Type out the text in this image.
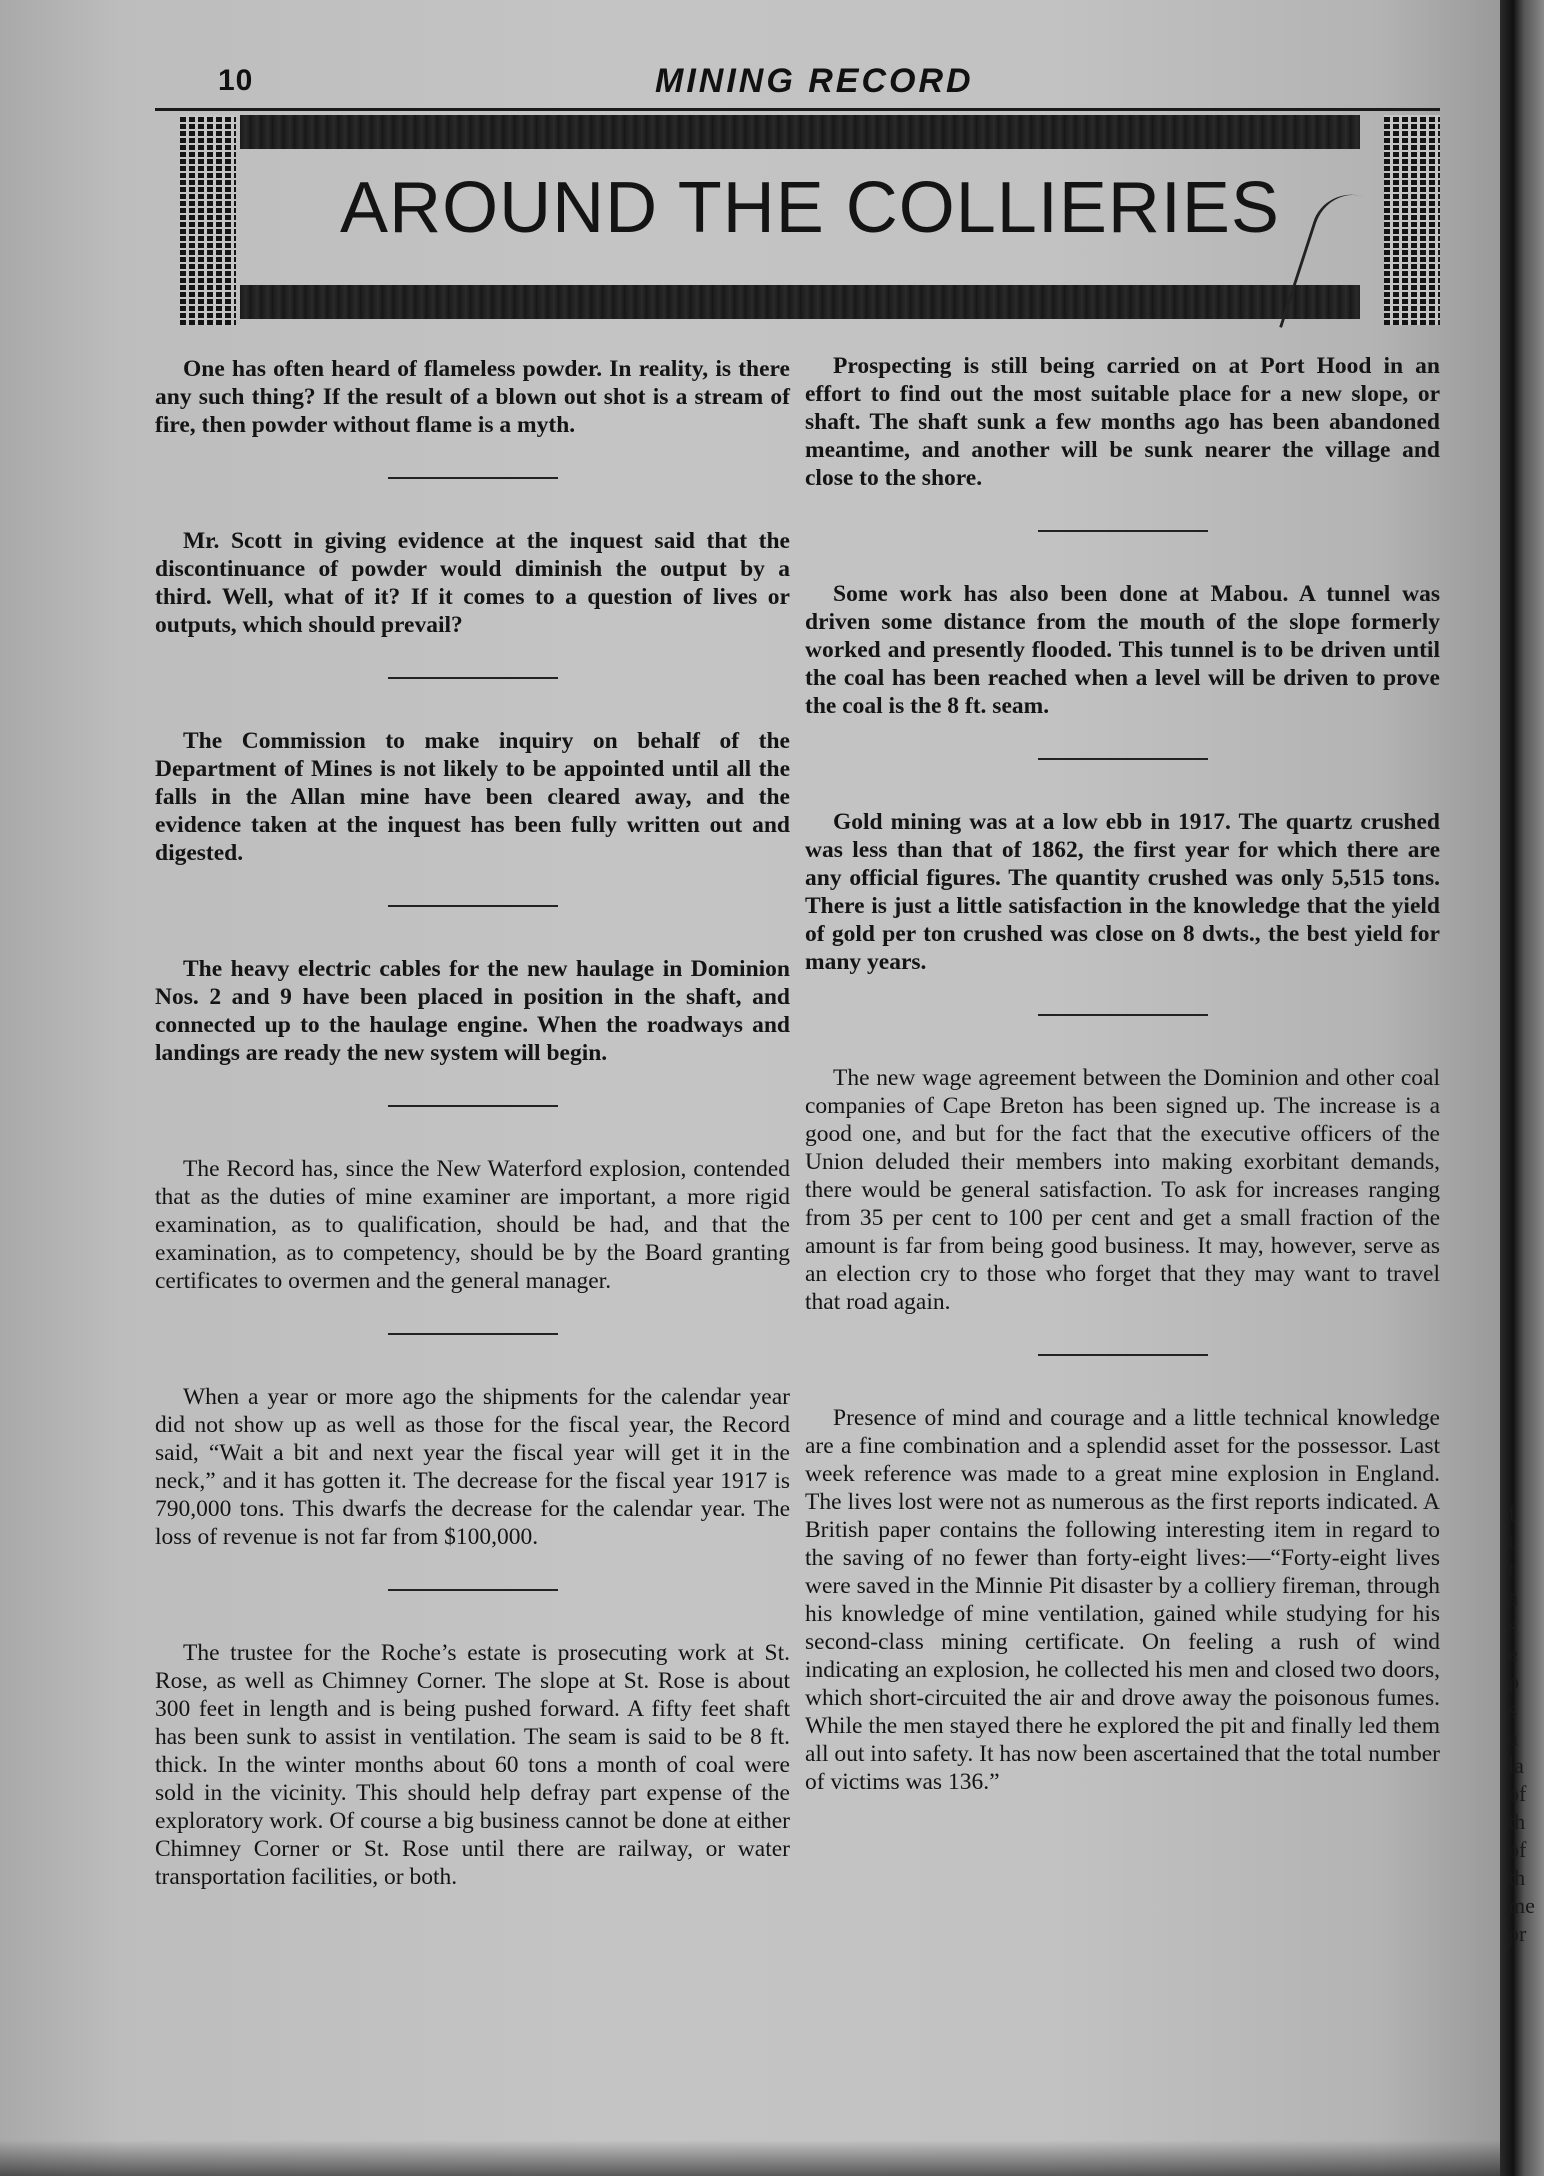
10	MINING RECORD
AROUND THE COLLIERIES

One has often heard of flameless powder. In reality, is there any such thing? If the result of a blown out shot is a stream of fire, then powder without flame is a myth.

Mr. Scott in giving evidence at the inquest said that the discontinuance of powder would diminish the output by a third. Well, what of it? If it comes to a question of lives or outputs, which should prevail?

The Commission to make inquiry on behalf of the Department of Mines is not likely to be appointed until all the falls in the Allan mine have been cleared away, and the evidence taken at the inquest has been fully written out and digested.

The heavy electric cables for the new haulage in Dominion Nos. 2 and 9 have been placed in position in the shaft, and connected up to the haulage engine. When the roadways and landings are ready the new system will begin.

The Record has, since the New Waterford explosion, contended that as the duties of mine examiner are important, a more rigid examination, as to qualification, should be had, and that the examination, as to competency, should be by the Board granting certificates to overmen and the general manager.

When a year or more ago the shipments for the calendar year did not show up as well as those for the fiscal year, the Record said, “Wait a bit and next year the fiscal year will get it in the neck,” and it has gotten it. The decrease for the fiscal year 1917 is 790,000 tons. This dwarfs the decrease for the calendar year. The loss of revenue is not far from $100,000.

The trustee for the Roche’s estate is prosecuting work at St. Rose, as well as Chimney Corner. The slope at St. Rose is about 300 feet in length and is being pushed forward. A fifty feet shaft has been sunk to assist in ventilation. The seam is said to be 8 ft. thick. In the winter months about 60 tons a month of coal were sold in the vicinity. This should help defray part expense of the exploratory work. Of course a big business cannot be done at either Chimney Corner or St. Rose until there are railway, or water transportation facilities, or both.

Prospecting is still being carried on at Port Hood in an effort to find out the most suitable place for a new slope, or shaft. The shaft sunk a few months ago has been abandoned meantime, and another will be sunk nearer the village and close to the shore.

Some work has also been done at Mabou. A tunnel was driven some distance from the mouth of the slope formerly worked and presently flooded. This tunnel is to be driven until the coal has been reached when a level will be driven to prove the coal is the 8 ft. seam.

Gold mining was at a low ebb in 1917. The quartz crushed was less than that of 1862, the first year for which there are any official figures. The quantity crushed was only 5,515 tons. There is just a little satisfaction in the knowledge that the yield of gold per ton crushed was close on 8 dwts., the best yield for many years.

The new wage agreement between the Dominion and other coal companies of Cape Breton has been signed up. The increase is a good one, and but for the fact that the executive officers of the Union deluded their members into making exorbitant demands, there would be general satisfaction. To ask for increases ranging from 35 per cent to 100 per cent and get a small fraction of the amount is far from being good business. It may, however, serve as an election cry to those who forget that they may want to travel that road again.

Presence of mind and courage and a little technical knowledge are a fine combination and a splendid asset for the possessor. Last week reference was made to a great mine explosion in England. The lives lost were not as numerous as the first reports indicated. A British paper contains the following interesting item in regard to the saving of no fewer than forty-eight lives:—“Forty-eight lives were saved in the Minnie Pit disaster by a colliery fireman, through his knowledge of mine ventilation, gained while studying for his second-class mining certificate. On feeling a rush of wind indicating an explosion, he collected his men and closed two doors, which short-circuited the air and drove away the poisonous fumes. While the men stayed there he explored the pit and finally led them all out into safety. It has now been ascertained that the total number of victims was 136.”

I
t
t
a
s
e
p
s
a
la
of
th
of
th
me
pr
